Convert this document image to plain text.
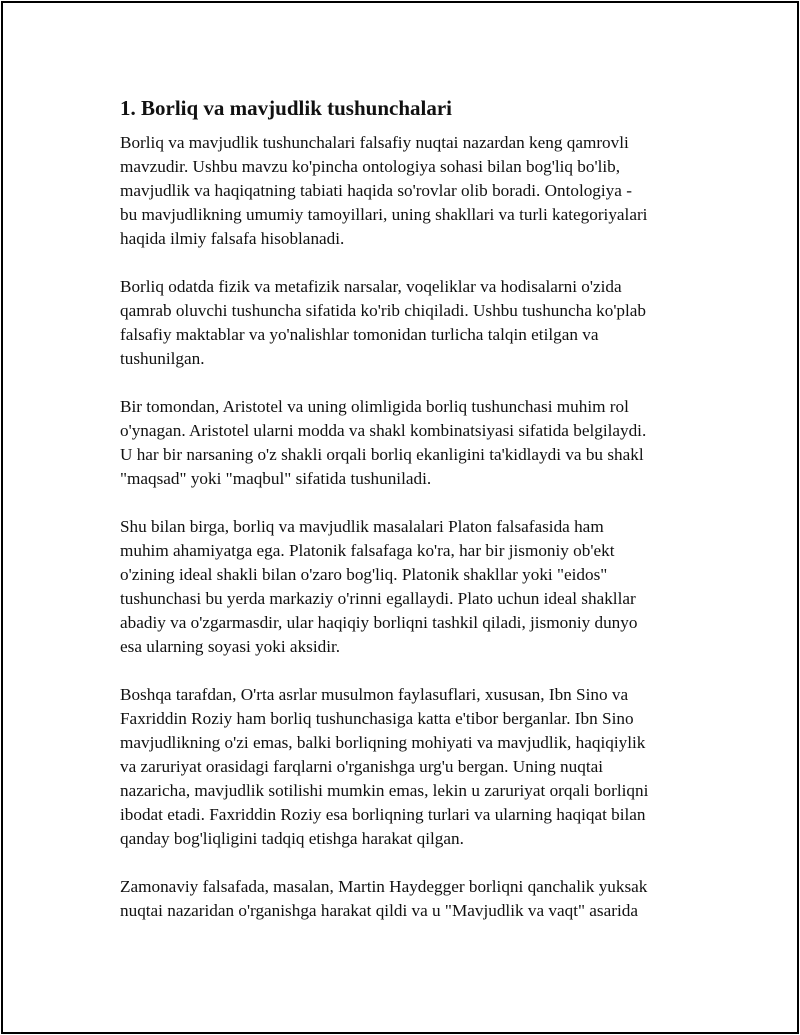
1. Borliq va mavjudlik tushunchalari

Borliq va mavjudlik tushunchalari falsafiy nuqtai nazardan keng qamrovli
mavzudir. Ushbu mavzu ko'pincha ontologiya sohasi bilan bog'liq bo'lib,
mavjudlik va haqiqatning tabiati haqida so'rovlar olib boradi. Ontologiya -
bu mavjudlikning umumiy tamoyillari, uning shakllari va turli kategoriyalari
haqida ilmiy falsafa hisoblanadi.

Borliq odatda fizik va metafizik narsalar, voqeliklar va hodisalarni o'zida
qamrab oluvchi tushuncha sifatida ko'rib chiqiladi. Ushbu tushuncha ko'plab
falsafiy maktablar va yo'nalishlar tomonidan turlicha talqin etilgan va
tushunilgan.

Bir tomondan, Aristotel va uning olimligida borliq tushunchasi muhim rol
o'ynagan. Aristotel ularni modda va shakl kombinatsiyasi sifatida belgilaydi.
U har bir narsaning o'z shakli orqali borliq ekanligini ta'kidlaydi va bu shakl
"maqsad" yoki "maqbul" sifatida tushuniladi.

Shu bilan birga, borliq va mavjudlik masalalari Platon falsafasida ham
muhim ahamiyatga ega. Platonik falsafaga ko'ra, har bir jismoniy ob'ekt
o'zining ideal shakli bilan o'zaro bog'liq. Platonik shakllar yoki "eidos"
tushunchasi bu yerda markaziy o'rinni egallaydi. Plato uchun ideal shakllar
abadiy va o'zgarmasdir, ular haqiqiy borliqni tashkil qiladi, jismoniy dunyo
esa ularning soyasi yoki aksidir.

Boshqa tarafdan, O'rta asrlar musulmon faylasuflari, xususan, Ibn Sino va
Faxriddin Roziy ham borliq tushunchasiga katta e'tibor berganlar. Ibn Sino
mavjudlikning o'zi emas, balki borliqning mohiyati va mavjudlik, haqiqiylik
va zaruriyat orasidagi farqlarni o'rganishga urg'u bergan. Uning nuqtai
nazaricha, mavjudlik sotilishi mumkin emas, lekin u zaruriyat orqali borliqni
ibodat etadi. Faxriddin Roziy esa borliqning turlari va ularning haqiqat bilan
qanday bog'liqligini tadqiq etishga harakat qilgan.

Zamonaviy falsafada, masalan, Martin Haydegger borliqni qanchalik yuksak
nuqtai nazaridan o'rganishga harakat qildi va u "Mavjudlik va vaqt" asarida
